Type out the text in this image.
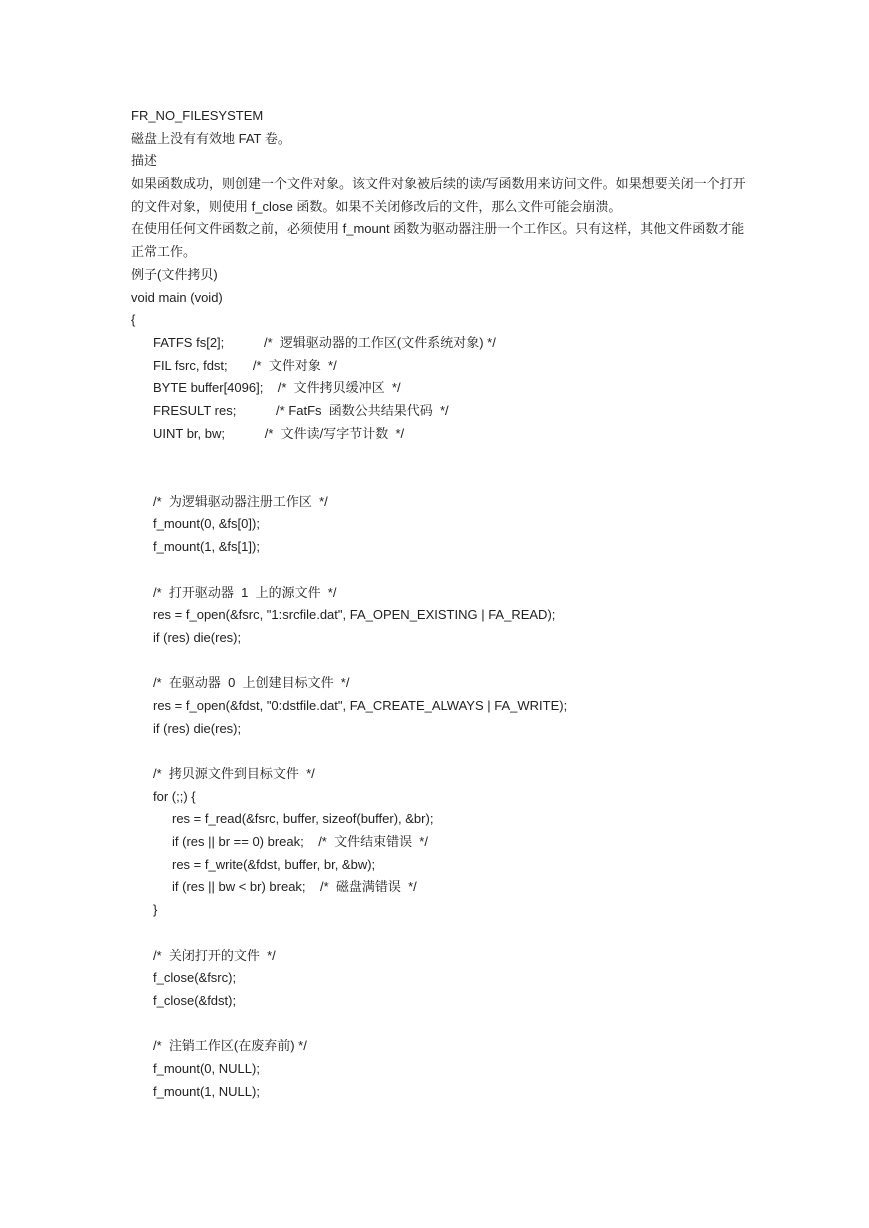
FR_NO_FILESYSTEM
磁盘上没有有效地 FAT 卷。
描述
如果函数成功，则创建一个文件对象。该文件对象被后续的读/写函数用来访问文件。如果想要关闭一个打开的文件对象，则使用 f_close 函数。如果不关闭修改后的文件，那么文件可能会崩溃。
在使用任何文件函数之前，必须使用 f_mount 函数为驱动器注册一个工作区。只有这样，其他文件函数才能正常工作。
例子(文件拷贝)
void main (void)
{
FATFS fs[2];           /*  逻辑驱动器的工作区(文件系统对象) */
FIL fsrc, fdst;       /*  文件对象  */
BYTE buffer[4096];    /*  文件拷贝缓冲区  */
FRESULT res;           /* FatFs  函数公共结果代码  */
UINT br, bw;           /*  文件读/写字节计数  */
/*  为逻辑驱动器注册工作区  */
f_mount(0, &fs[0]);
f_mount(1, &fs[1]);
/*  打开驱动器  1  上的源文件  */
res = f_open(&fsrc, "1:srcfile.dat", FA_OPEN_EXISTING | FA_READ);
if (res) die(res);
/*  在驱动器  0  上创建目标文件  */
res = f_open(&fdst, "0:dstfile.dat", FA_CREATE_ALWAYS | FA_WRITE);
if (res) die(res);
/*  拷贝源文件到目标文件  */
for (;;) {
res = f_read(&fsrc, buffer, sizeof(buffer), &br);
if (res || br == 0) break;    /*  文件结束错误  */
res = f_write(&fdst, buffer, br, &bw);
if (res || bw < br) break;    /*  磁盘满错误  */
}
/*  关闭打开的文件  */
f_close(&fsrc);
f_close(&fdst);
/*  注销工作区(在废弃前) */
f_mount(0, NULL);
f_mount(1, NULL);
